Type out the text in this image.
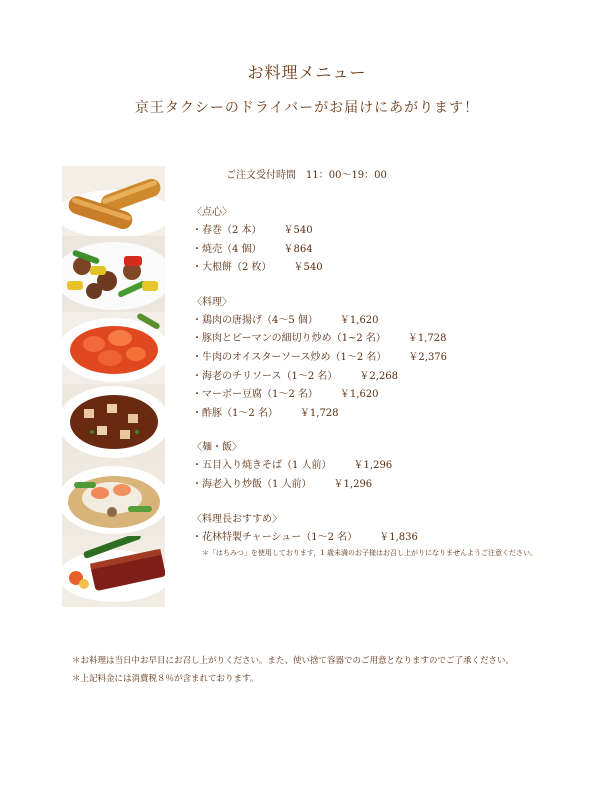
お料理メニュー
京王タクシーのドライバーがお届けにあがります！
ご注文受付時間　11：00〜19：00
〈点心〉
・春巻（2 本） ￥540
・焼売（4 個） ￥864
・大根餅（2 枚） ￥540
〈料理〉
・鶏肉の唐揚げ（4〜5 個） ￥1,620
・豚肉とピーマンの細切り炒め（1~2 名） ￥1,728
・牛肉のオイスターソース炒め（1〜2 名） ￥2,376
・海老のチリソース（1〜2 名） ￥2,268
・マーボー豆腐（1〜2 名） ￥1,620
・酢豚（1〜2 名） ￥1,728
〈麺・飯〉
・五目入り焼きそば（1 人前） ￥1,296
・海老入り炒飯（1 人前） ￥1,296
〈料理長おすすめ〉
・花林特製チャーシュー（1〜2 名） ￥1,836
＊「はちみつ」を使用しております，1 歳未満のお子様はお召し上がりになりませんようご注意ください。
＊お料理は当日中お早目にお召し上がりください。また、使い捨て容器でのご用意となりますのでご了承ください。
＊上記料金には消費税８％が含まれております。
